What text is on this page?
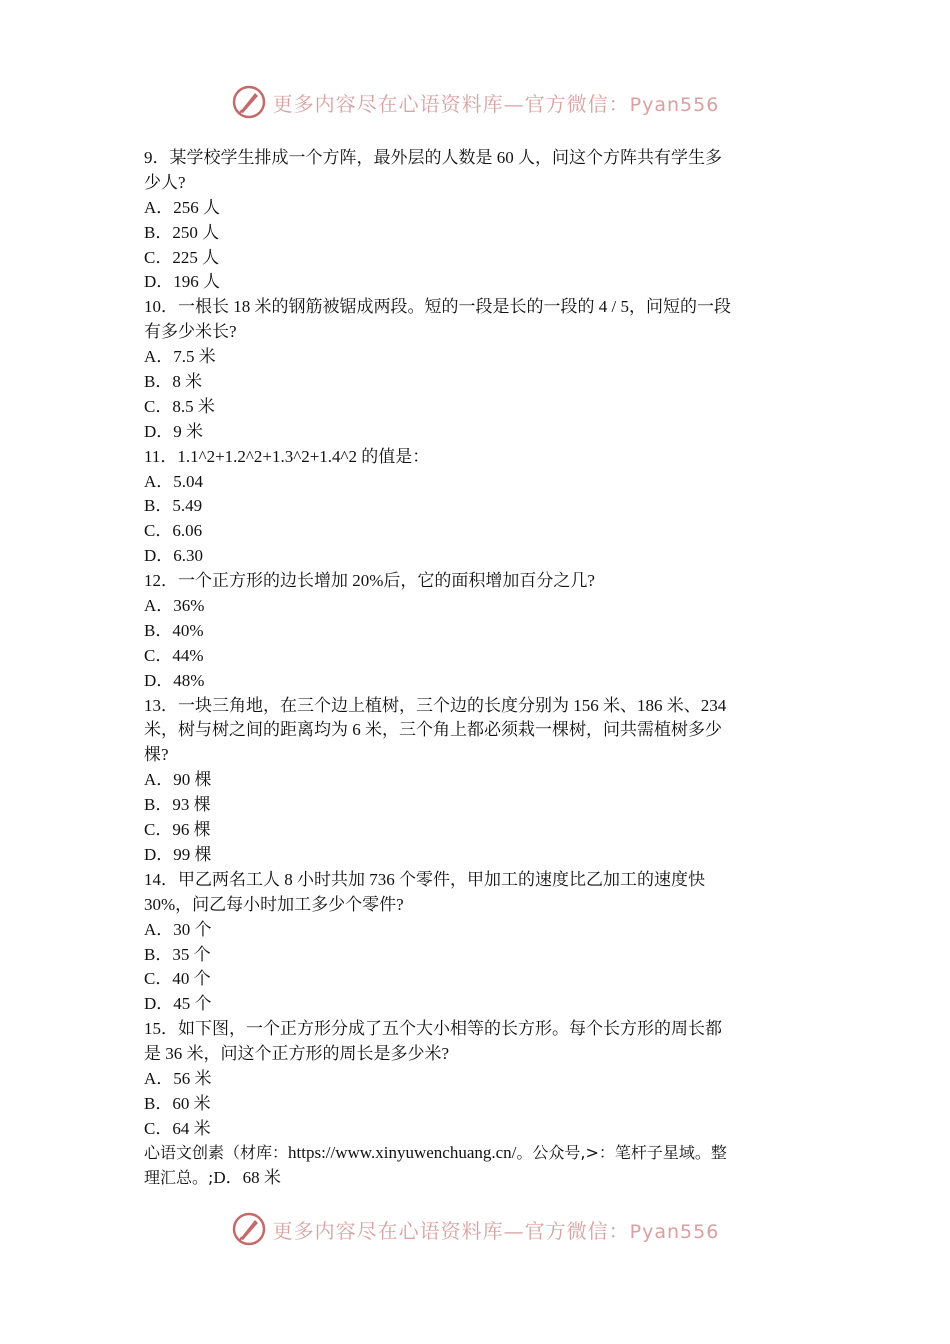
更多内容尽在心语资料库—官方微信：Pyan556
9．某学校学生排成一个方阵，最外层的人数是 60 人，问这个方阵共有学生多
少人?
A．256 人
B．250 人
C．225 人
D．196 人
10．一根长 18 米的钢筋被锯成两段。短的一段是长的一段的 4 / 5，问短的一段
有多少米长?
A．7.5 米
B．8 米
C．8.5 米
D．9 米
11．1.1^2+1.2^2+1.3^2+1.4^2 的值是：
A．5.04
B．5.49
C．6.06
D．6.30
12．一个正方形的边长增加 20%后，它的面积增加百分之几?
A．36%
B．40%
C．44%
D．48%
13．一块三角地，在三个边上植树，三个边的长度分别为 156 米、186 米、234
米，树与树之间的距离均为 6 米，三个角上都必须栽一棵树，问共需植树多少
棵?
A．90 棵
B．93 棵
C．96 棵
D．99 棵
14．甲乙两名工人 8 小时共加 736 个零件，甲加工的速度比乙加工的速度快
30%，问乙每小时加工多少个零件?
A．30 个
B．35 个
C．40 个
D．45 个
15．如下图，一个正方形分成了五个大小相等的长方形。每个长方形的周长都
是 36 米，问这个正方形的周长是多少米?
A．56 米
B．60 米
C．64 米
心语文创素（材库：https://www.xinyuwenchuang.cn/。公众号,>：笔杆子星域。整
理汇总。;D．68 米
更多内容尽在心语资料库—官方微信：Pyan556
